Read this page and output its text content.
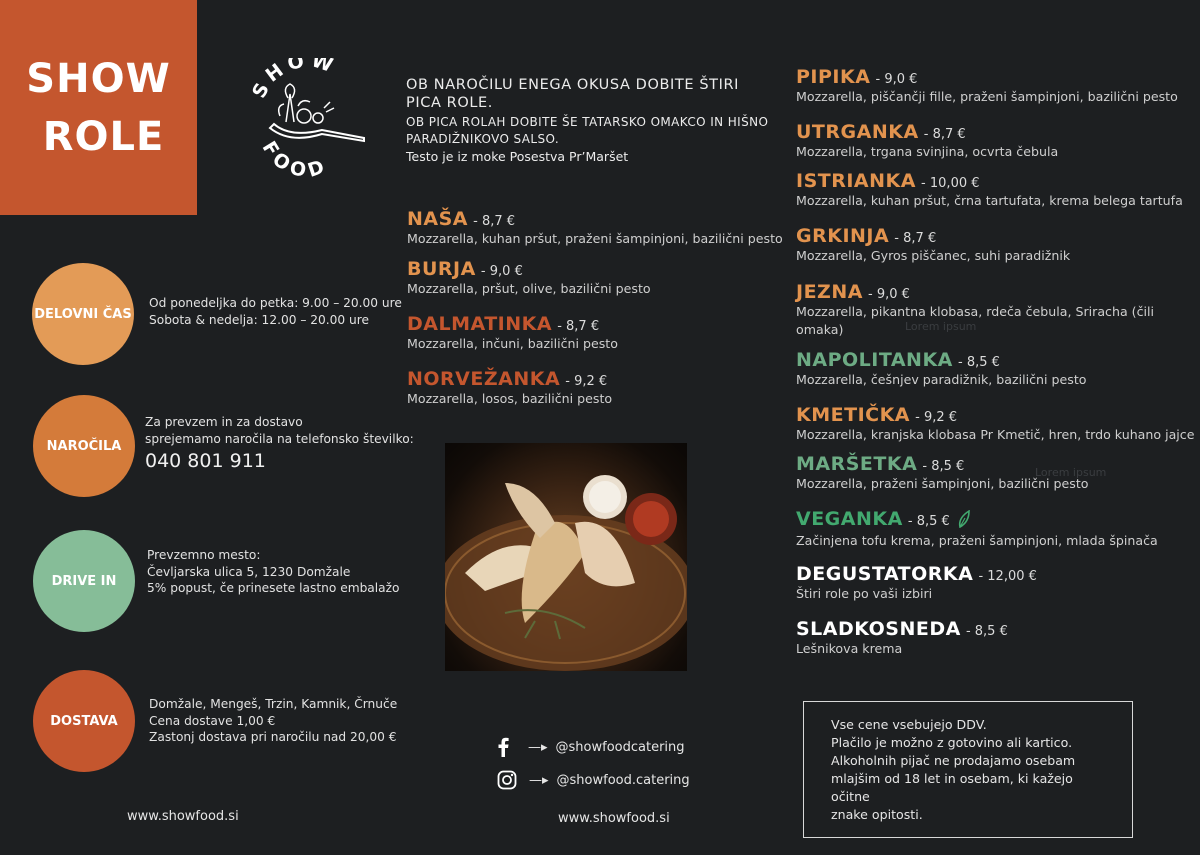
SHOW
ROLE
SHOW
FOOD
OB NAROČILU ENEGA OKUSA DOBITE ŠTIRI
PICA ROLE.
OB PICA ROLAH DOBITE ŠE TATARSKO OMAKCO IN HIŠNO
PARADIŽNIKOVO SALSO.
Testo je iz moke Posestva Pr’Maršet
NAŠA - 8,7 €
Mozzarella, kuhan pršut, praženi šampinjoni, bazilični pesto
BURJA - 9,0 €
Mozzarella, pršut, olive, bazilični pesto
DALMATINKA - 8,7 €
Mozzarella, inčuni, bazilični pesto
NORVEŽANKA - 9,2 €
Mozzarella, losos, bazilični pesto
PIPIKA - 9,0 €
Mozzarella, piščančji fille, praženi šampinjoni, bazilični pesto
UTRGANKA - 8,7 €
Mozzarella, trgana svinjina, ocvrta čebula
ISTRIANKA - 10,00 €
Mozzarella, kuhan pršut, črna tartufata, krema belega tartufa
GRKINJA - 8,7 €
Mozzarella, Gyros piščanec, suhi paradižnik
JEZNA - 9,0 €
Mozzarella, pikantna klobasa, rdeča čebula, Sriracha (čili
omaka)	Lorem ipsum
NAPOLITANKA - 8,5 €
Mozzarella, češnjev paradižnik, bazilični pesto
KMETIČKA - 9,2 €
Mozzarella, kranjska klobasa Pr Kmetič, hren, trdo kuhano jajce
MARŠETKA - 8,5 €
Mozzarella, praženi šampinjoni, bazilični pesto
Lorem ipsum
VEGANKA - 8,5 €
Začinjena tofu krema, praženi šampinjoni, mlada špinača
DEGUSTATORKA - 12,00 €
Štiri role po vaši izbiri
SLADKOSNEDA - 8,5 €
Lešnikova krema
DELOVNI ČAS
Od ponedeljka do petka: 9.00 – 20.00 ure
Sobota & nedelja: 12.00 – 20.00 ure
NAROČILA
Za prevzem in za dostavo
sprejemamo naročila na telefonsko številko:
040 801 911
DRIVE IN
Prevzemno mesto:
Čevljarska ulica 5, 1230 Domžale
5% popust, če prinesete lastno embalažo
DOSTAVA
Domžale, Mengeš, Trzin, Kamnik, Črnuče
Cena dostave 1,00 €
Zastonj dostava pri naročilu nad 20,00 €
—▸ @showfoodcatering
—▸ @showfood.catering
www.showfood.si	www.showfood.si
Vse cene vsebujejo DDV.
Plačilo je možno z gotovino ali kartico.
Alkoholnih pijač ne prodajamo osebam
mlajšim od 18 let in osebam, ki kažejo očitne
znake opitosti.
